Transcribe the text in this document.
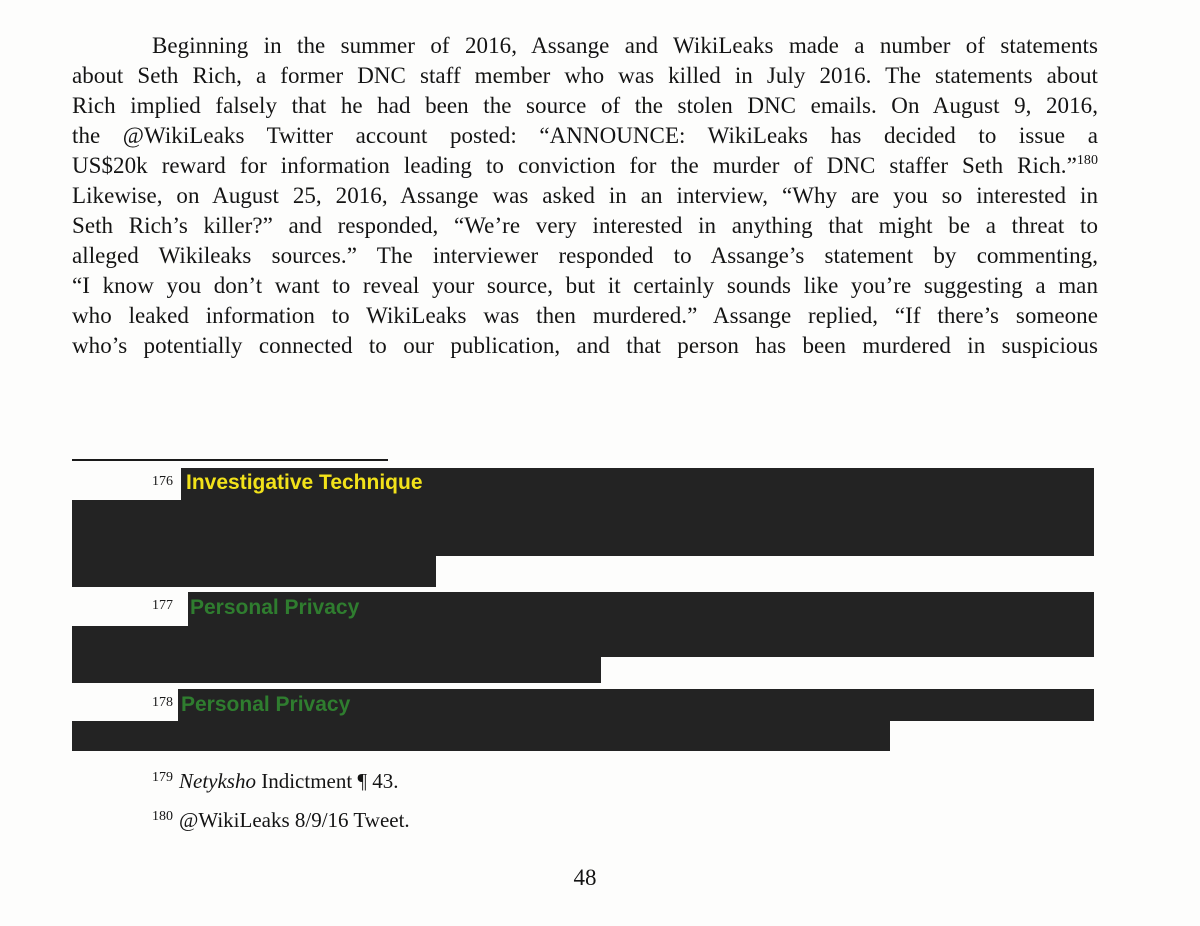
Beginning in the summer of 2016, Assange and WikiLeaks made a number of statements
about Seth Rich, a former DNC staff member who was killed in July 2016. The statements about
Rich implied falsely that he had been the source of the stolen DNC emails. On August 9, 2016,
the @WikiLeaks Twitter account posted: “ANNOUNCE: WikiLeaks has decided to issue a
US$20k reward for information leading to conviction for the murder of DNC staffer Seth Rich.”$^{180}$
Likewise, on August 25, 2016, Assange was asked in an interview, “Why are you so interested in
Seth Rich’s killer?” and responded, “We’re very interested in anything that might be a threat to
alleged Wikileaks sources.” The interviewer responded to Assange’s statement by commenting,
“I know you don’t want to reveal your source, but it certainly sounds like you’re suggesting a man
who leaked information to WikiLeaks was then murdered.” Assange replied, “If there’s someone
who’s potentially connected to our publication, and that person has been murdered in suspicious
176 Investigative Technique
177 Personal Privacy
178 Personal Privacy
$^{179}$ Netyksho Indictment ¶ 43.
$^{180}$ @WikiLeaks 8/9/16 Tweet.
48
